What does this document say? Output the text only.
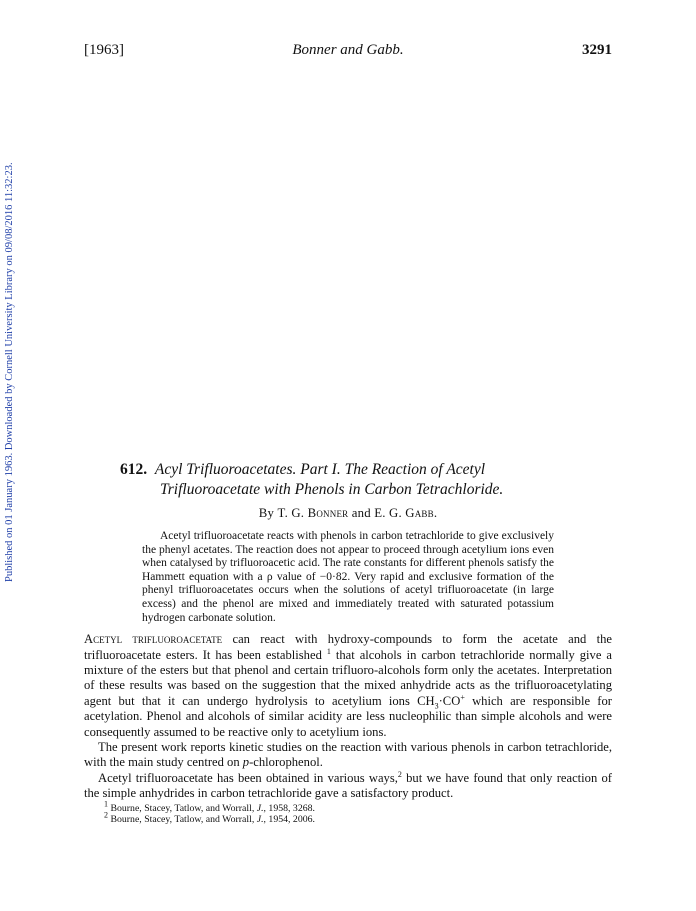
Published on 01 January 1963. Downloaded by Cornell University Library on 09/08/2016 11:32:23.
[1963]	Bonner and Gabb.	3291
612. Acyl Trifluoroacetates. Part I. The Reaction of Acetyl
Trifluoroacetate with Phenols in Carbon Tetrachloride.
By T. G. Bonner and E. G. Gabb.
Acetyl trifluoroacetate reacts with phenols in carbon tetrachloride to give exclusively the phenyl acetates. The reaction does not appear to proceed through acetylium ions even when catalysed by trifluoroacetic acid. The rate constants for different phenols satisfy the Hammett equation with a ρ value of −0·82. Very rapid and exclusive formation of the phenyl trifluoroacetates occurs when the solutions of acetyl trifluoroacetate (in large excess) and the phenol are mixed and immediately treated with saturated potassium hydrogen carbonate solution.

Acetyl trifluoroacetate can react with hydroxy-compounds to form the acetate and the trifluoroacetate esters. It has been established $^1$ that alcohols in carbon tetrachloride normally give a mixture of the esters but that phenol and certain trifluoro-alcohols form only the acetates. Interpretation of these results was based on the suggestion that the mixed anhydride acts as the trifluoroacetylating agent but that it can undergo hydrolysis to acetylium ions $CH_3\cdot CO^+$ which are responsible for acetylation. Phenol and alcohols of similar acidity are less nucleophilic than simple alcohols and were consequently assumed to be reactive only to acetylium ions.

The present work reports kinetic studies on the reaction with various phenols in carbon tetrachloride, with the main study centred on p-chlorophenol.

Acetyl trifluoroacetate has been obtained in various ways,$^2$ but we have found that only reaction of the simple anhydrides in carbon tetrachloride gave a satisfactory product.

$^1$ Bourne, Stacey, Tatlow, and Worrall, J., 1958, 3268.
$^2$ Bourne, Stacey, Tatlow, and Worrall, J., 1954, 2006.
